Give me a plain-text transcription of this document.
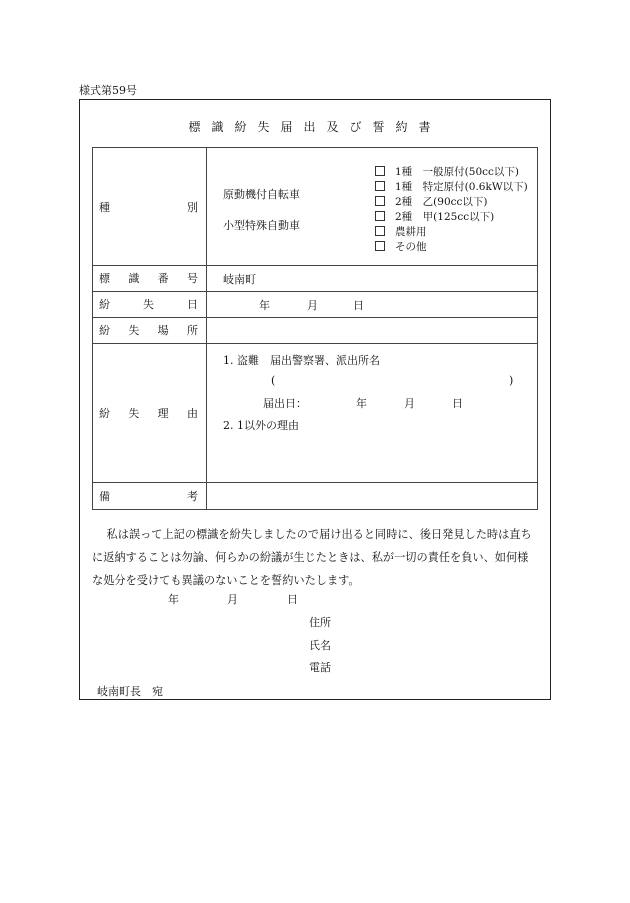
様式第59号
標識紛失届出及び誓約書
種	別
原動機付自転車
小型特殊自動車
1種　一般原付(50cc以下)
1種　特定原付(0.6kW以下)
2種　乙(90cc以下)
2種　甲(125cc以下)
農耕用
その他
標 識 番 号 岐南町
紛	失	日	年	月	日
紛 失 場 所
紛 失 理 由
1. 盗難　届出警察署、派出所名
(	)
届出日：	年	月	日
2. 1以外の理由
備	考
私は誤って上記の標識を紛失しましたので届け出ると同時に、後日発見した時は直ちに返納することは勿論、何らかの紛議が生じたときは、私が一切の責任を負い、如何様な処分を受けても異議のないことを誓約いたします。
年	月	日
住所
氏名
電話
岐南町長　宛
